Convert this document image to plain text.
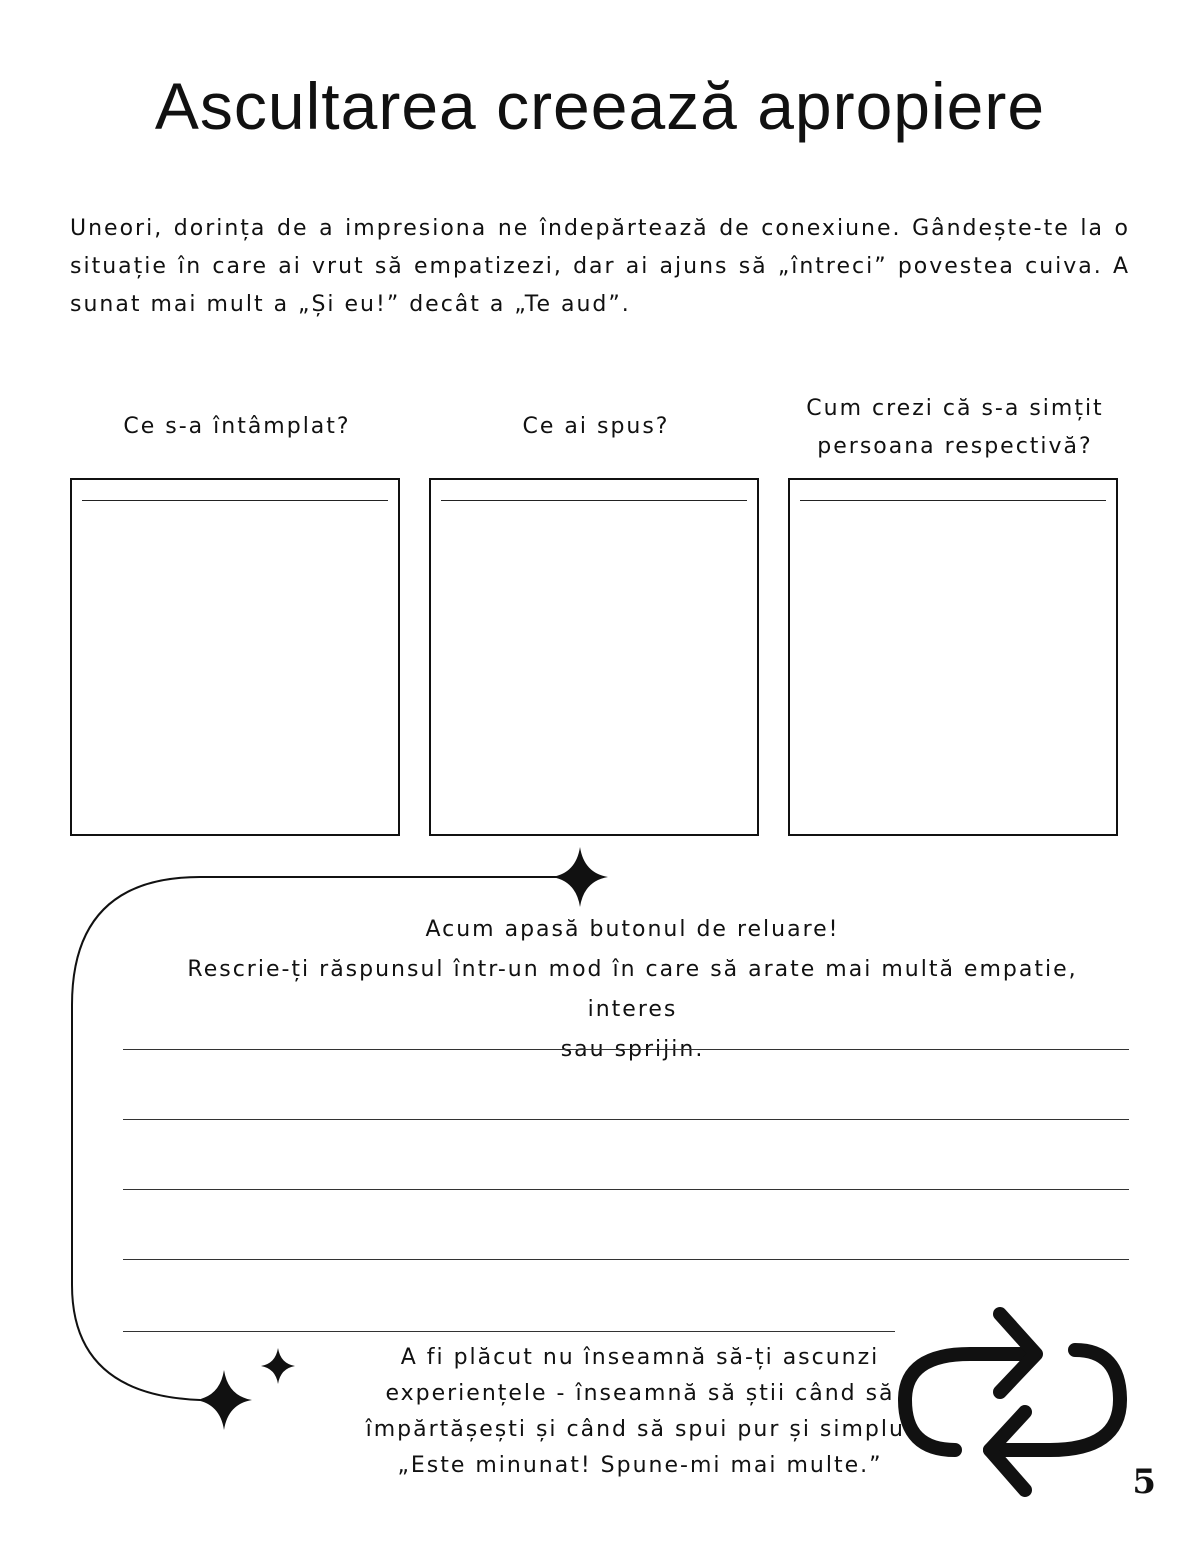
Ascultarea creează apropiere

Uneori, dorința de a impresiona ne îndepărtează de conexiune. Gândește-te la o situație în care ai vrut să empatizezi, dar ai ajuns să „întreci” povestea cuiva. A sunat mai mult a „Și eu!” decât a „Te aud”.

Ce s-a întâmplat?	Ce ai spus?
Cum crezi că s-a simțit
persoana respectivă?
Acum apasă butonul de reluare!
Rescrie-ți răspunsul într-un mod în care să arate mai multă empatie, interes
sau sprijin.
A fi plăcut nu înseamnă să-ți ascunzi
experiențele - înseamnă să știi când să
împărtășești și când să spui pur și simplu:
„Este minunat! Spune-mi mai multe.”	5
